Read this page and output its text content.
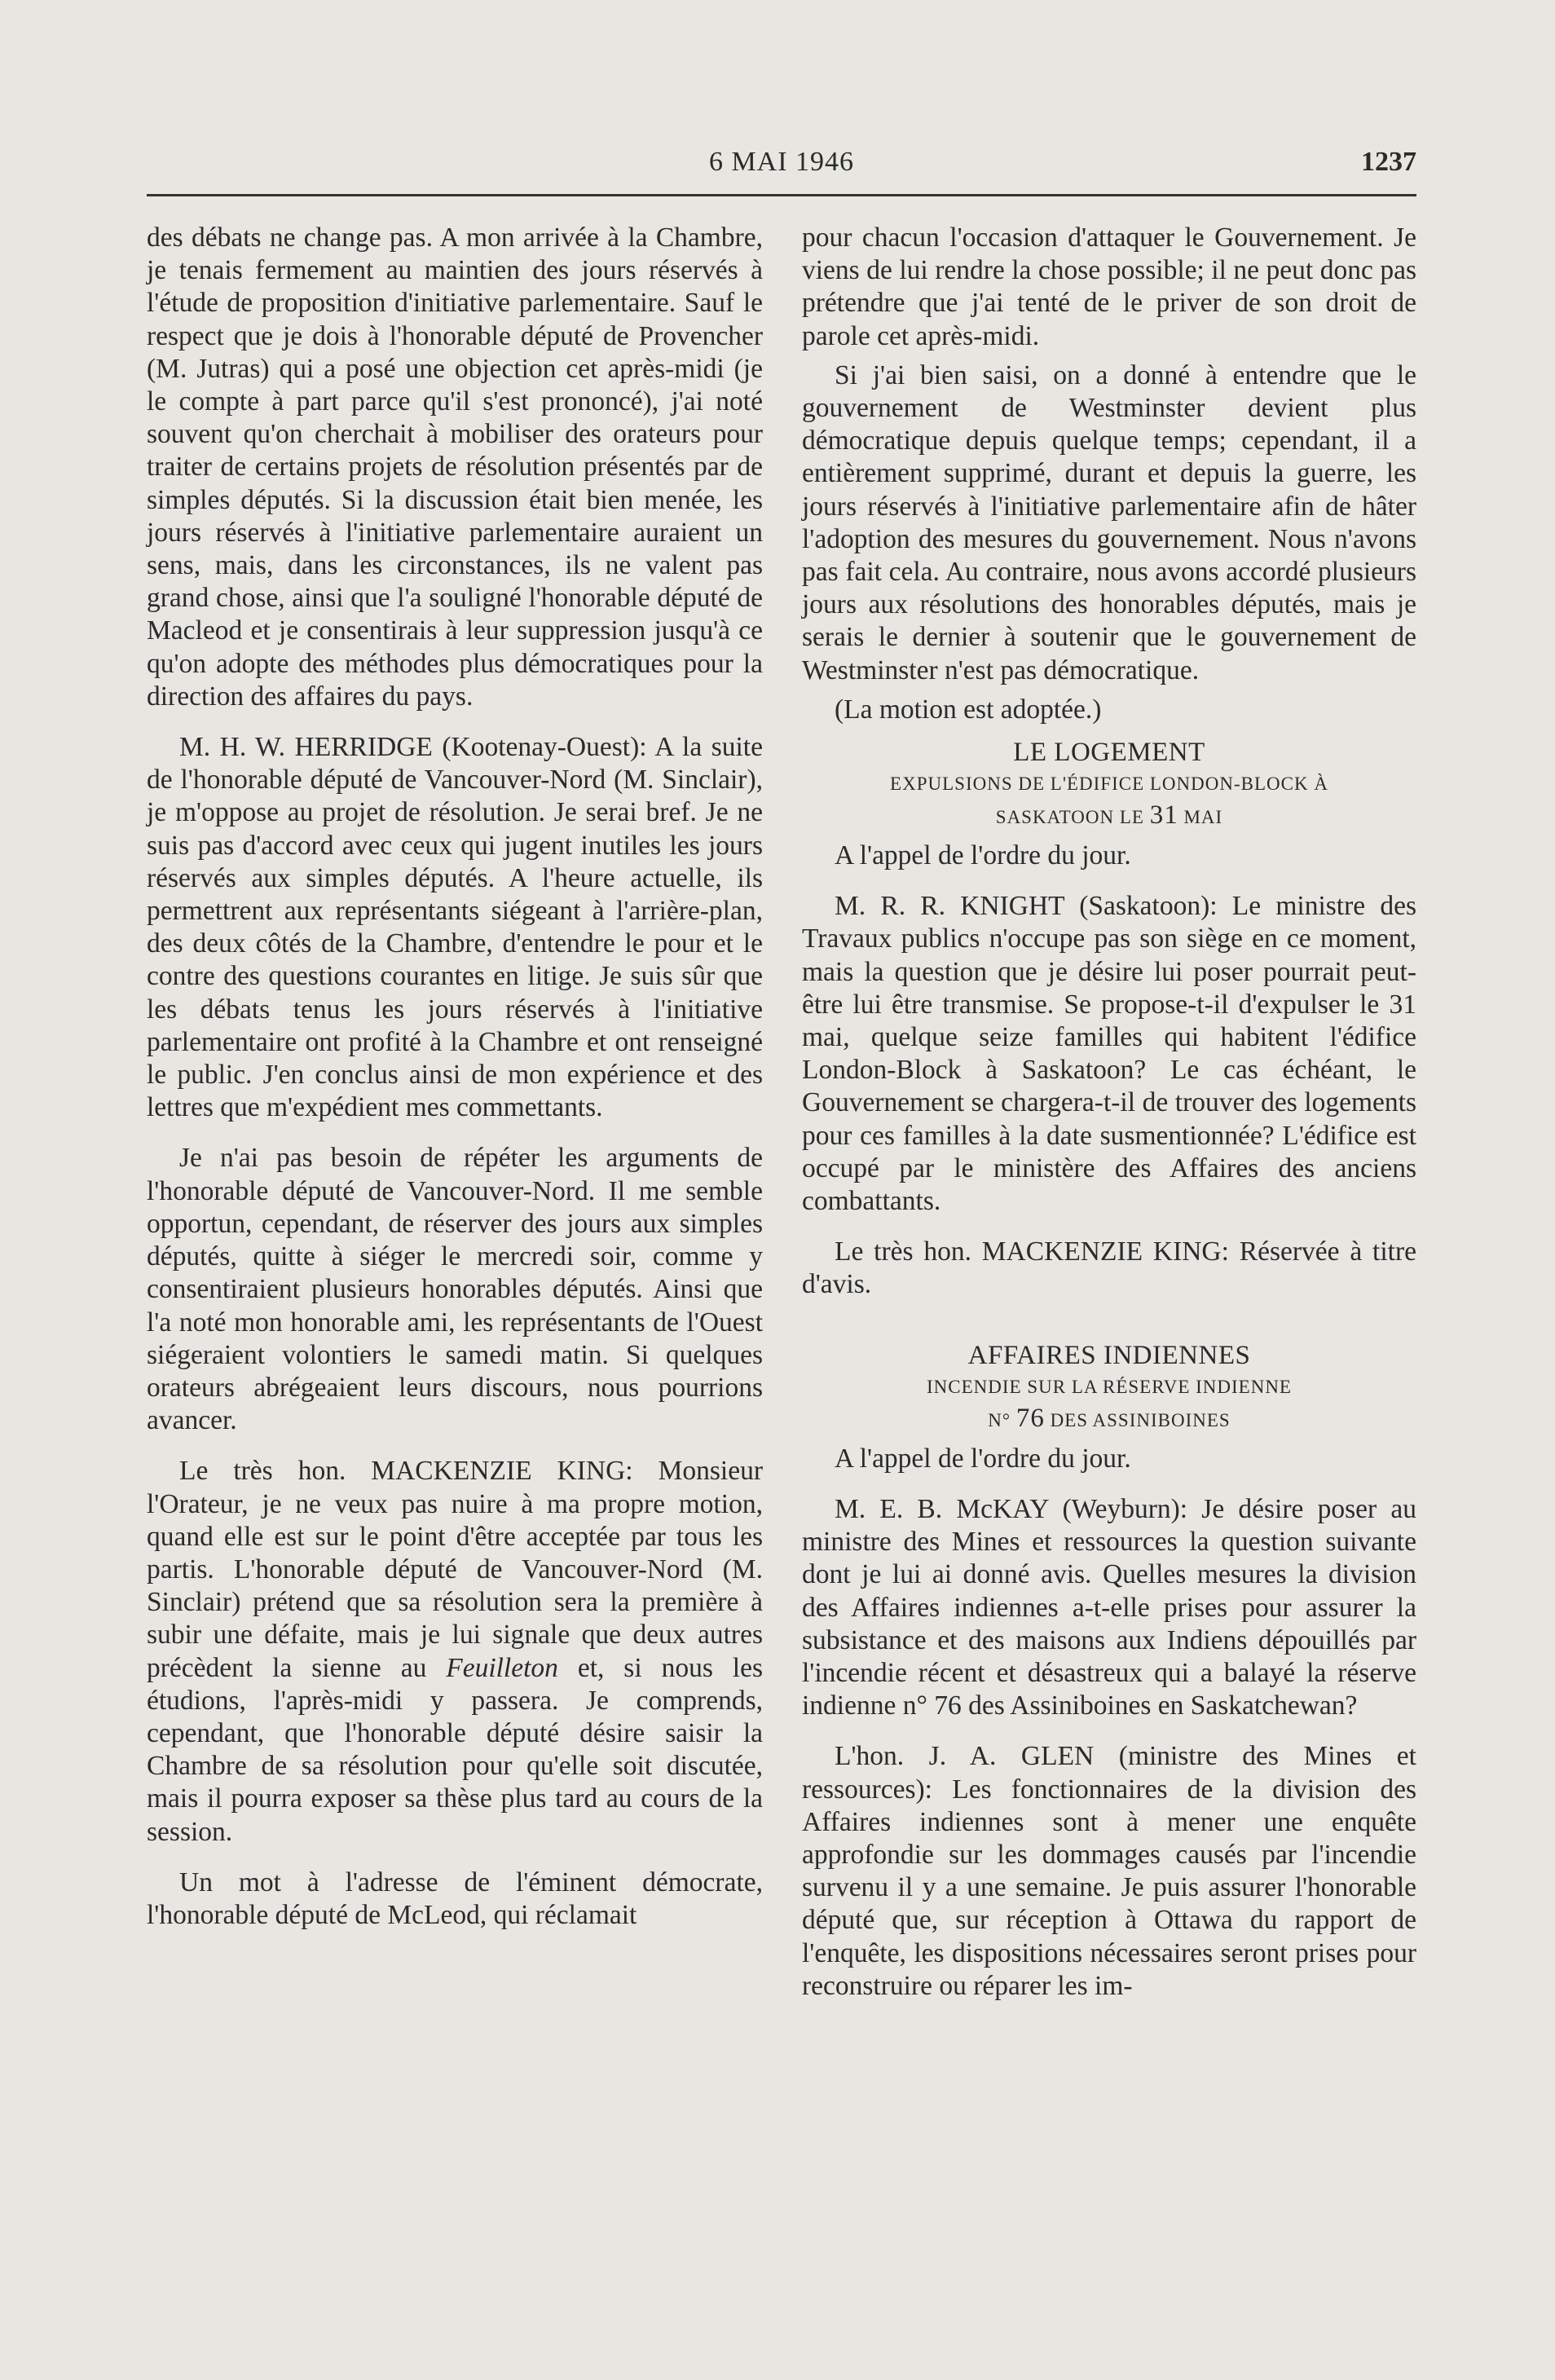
6 MAI 1946	1237

des débats ne change pas. A mon arrivée à la Chambre, je tenais fermement au maintien des jours réservés à l'étude de proposition d'initiative parlementaire. Sauf le respect que je dois à l'honorable député de Provencher (M. Jutras) qui a posé une objection cet après-midi (je le compte à part parce qu'il s'est prononcé), j'ai noté souvent qu'on cherchait à mobiliser des orateurs pour traiter de certains projets de résolution présentés par de simples députés. Si la discussion était bien menée, les jours réservés à l'initiative parlementaire auraient un sens, mais, dans les circonstances, ils ne valent pas grand chose, ainsi que l'a souligné l'honorable député de Macleod et je consentirais à leur suppression jusqu'à ce qu'on adopte des méthodes plus démocratiques pour la direction des affaires du pays.

M. H. W. HERRIDGE (Kootenay-Ouest): A la suite de l'honorable député de Vancouver-Nord (M. Sinclair), je m'oppose au projet de résolution. Je serai bref. Je ne suis pas d'accord avec ceux qui jugent inutiles les jours réservés aux simples députés. A l'heure actuelle, ils permettrent aux représentants siégeant à l'arrière-plan, des deux côtés de la Chambre, d'entendre le pour et le contre des questions courantes en litige. Je suis sûr que les débats tenus les jours réservés à l'initiative parlementaire ont profité à la Chambre et ont renseigné le public. J'en conclus ainsi de mon expérience et des lettres que m'expédient mes commettants.

Je n'ai pas besoin de répéter les arguments de l'honorable député de Vancouver-Nord. Il me semble opportun, cependant, de réserver des jours aux simples députés, quitte à siéger le mercredi soir, comme y consentiraient plusieurs honorables députés. Ainsi que l'a noté mon honorable ami, les représentants de l'Ouest siégeraient volontiers le samedi matin. Si quelques orateurs abrégeaient leurs discours, nous pourrions avancer.

Le très hon. MACKENZIE KING: Monsieur l'Orateur, je ne veux pas nuire à ma propre motion, quand elle est sur le point d'être acceptée par tous les partis. L'honorable député de Vancouver-Nord (M. Sinclair) prétend que sa résolution sera la première à subir une défaite, mais je lui signale que deux autres précèdent la sienne au Feuilleton et, si nous les étudions, l'après-midi y passera. Je comprends, cependant, que l'honorable député désire saisir la Chambre de sa résolution pour qu'elle soit discutée, mais il pourra exposer sa thèse plus tard au cours de la session.

Un mot à l'adresse de l'éminent démocrate, l'honorable député de McLeod, qui réclamait

pour chacun l'occasion d'attaquer le Gouvernement. Je viens de lui rendre la chose possible; il ne peut donc pas prétendre que j'ai tenté de le priver de son droit de parole cet après-midi.

Si j'ai bien saisi, on a donné à entendre que le gouvernement de Westminster devient plus démocratique depuis quelque temps; cependant, il a entièrement supprimé, durant et depuis la guerre, les jours réservés à l'initiative parlementaire afin de hâter l'adoption des mesures du gouvernement. Nous n'avons pas fait cela. Au contraire, nous avons accordé plusieurs jours aux résolutions des honorables députés, mais je serais le dernier à soutenir que le gouvernement de Westminster n'est pas démocratique.

(La motion est adoptée.)

LE LOGEMENT
EXPULSIONS DE L'ÉDIFICE LONDON-BLOCK À
SASKATOON LE 31 MAI

A l'appel de l'ordre du jour.

M. R. R. KNIGHT (Saskatoon): Le ministre des Travaux publics n'occupe pas son siège en ce moment, mais la question que je désire lui poser pourrait peut-être lui être transmise. Se propose-t-il d'expulser le 31 mai, quelque seize familles qui habitent l'édifice London-Block à Saskatoon? Le cas échéant, le Gouvernement se chargera-t-il de trouver des logements pour ces familles à la date susmentionnée? L'édifice est occupé par le ministère des Affaires des anciens combattants.

Le très hon. MACKENZIE KING: Réservée à titre d'avis.

AFFAIRES INDIENNES
INCENDIE SUR LA RÉSERVE INDIENNE
N° 76 DES ASSINIBOINES

A l'appel de l'ordre du jour.

M. E. B. McKAY (Weyburn): Je désire poser au ministre des Mines et ressources la question suivante dont je lui ai donné avis. Quelles mesures la division des Affaires indiennes a-t-elle prises pour assurer la subsistance et des maisons aux Indiens dépouillés par l'incendie récent et désastreux qui a balayé la réserve indienne n° 76 des Assiniboines en Saskatchewan?

L'hon. J. A. GLEN (ministre des Mines et ressources): Les fonctionnaires de la division des Affaires indiennes sont à mener une enquête approfondie sur les dommages causés par l'incendie survenu il y a une semaine. Je puis assurer l'honorable député que, sur réception à Ottawa du rapport de l'enquête, les dispositions nécessaires seront prises pour reconstruire ou réparer les im-
